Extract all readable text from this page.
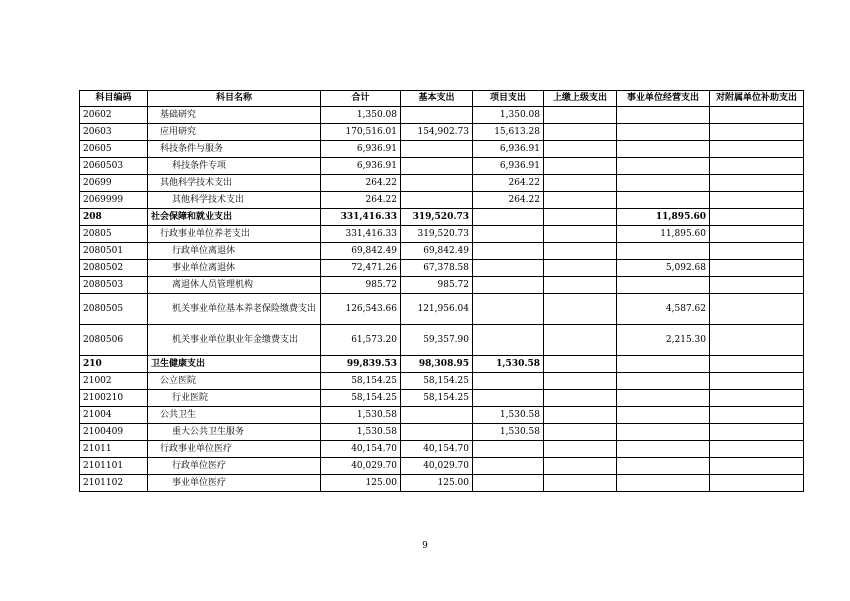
科目编码	科目名称	合计	基本支出	项目支出	上缴上级支出	事业单位经营支出	对附属单位补助支出
20602	基础研究	1,350.08		1,350.08			
20603	应用研究	170,516.01	154,902.73	15,613.28			
20605	科技条件与服务	6,936.91		6,936.91			
2060503	科技条件专项	6,936.91		6,936.91			
20699	其他科学技术支出	264.22		264.22			
2069999	其他科学技术支出	264.22		264.22			
208	社会保障和就业支出	331,416.33	319,520.73			11,895.60	
20805	行政事业单位养老支出	331,416.33	319,520.73			11,895.60	
2080501	行政单位离退休	69,842.49	69,842.49				
2080502	事业单位离退休	72,471.26	67,378.58			5,092.68	
2080503	离退休人员管理机构	985.72	985.72				
2080505	机关事业单位基本养老保险缴费支出	126,543.66	121,956.04			4,587.62	
2080506	机关事业单位职业年金缴费支出	61,573.20	59,357.90			2,215.30	
210	卫生健康支出	99,839.53	98,308.95	1,530.58			
21002	公立医院	58,154.25	58,154.25				
2100210	行业医院	58,154.25	58,154.25				
21004	公共卫生	1,530.58		1,530.58			
2100409	重大公共卫生服务	1,530.58		1,530.58			
21011	行政事业单位医疗	40,154.70	40,154.70				
2101101	行政单位医疗	40,029.70	40,029.70				
2101102	事业单位医疗	125.00	125.00				
9
